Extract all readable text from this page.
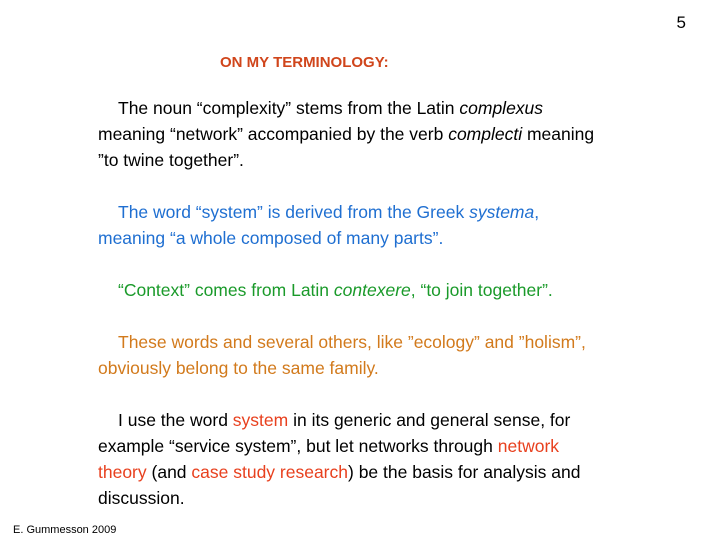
5
ON MY TERMINOLOGY:

The noun “complexity” stems from the Latin complexus meaning “network” accompanied by the verb complecti meaning ”to twine together”.

The word “system” is derived from the Greek systema, meaning “a whole composed of many parts”.

“Context” comes from Latin contexere, “to join together”.

These words and several others, like ”ecology” and ”holism”, obviously belong to the same family.

I use the word system in its generic and general sense, for example “service system”, but let networks through network theory (and case study research) be the basis for analysis and discussion.

E. Gummesson 2009
